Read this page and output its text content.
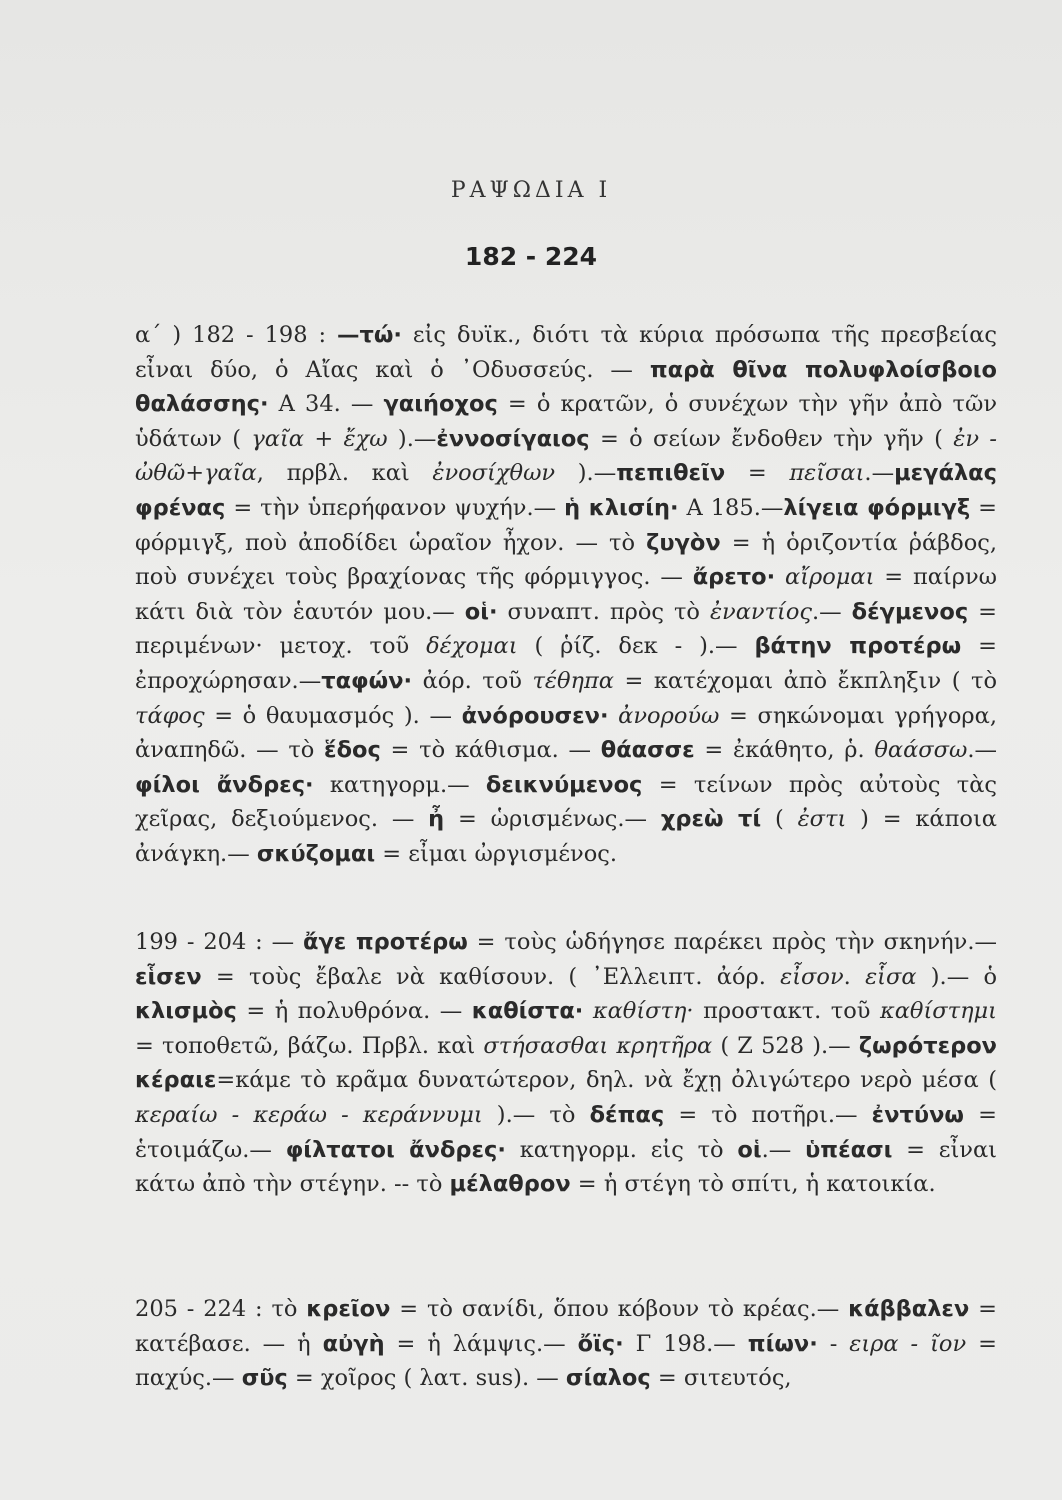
ΡΑΨΩΔΙΑ Ι
182 - 224

α΄ ) 182 - 198 : —τώ· εἰς δυϊκ., διότι τὰ κύρια πρόσωπα τῆς πρεσβείας εἶναι δύο, ὁ Αἴας καὶ ὁ ᾿Οδυσσεύς. — παρὰ θῖνα πολυφλοίσβοιο θαλάσσης· Α 34. — γαιήοχος = ὁ κρατῶν, ὁ συνέχων τὴν γῆν ἀπὸ τῶν ὑδάτων ( γαῖα + ἔχω ).—ἐννοσίγαιος = ὁ σείων ἔνδοθεν τὴν γῆν ( ἐν - ὠθῶ+γαῖα, πρβλ. καὶ ἐνοσίχθων ).—πεπιθεῖν = πεῖσαι.—μεγάλας φρένας = τὴν ὑπερήφανον ψυχήν.— ἡ κλισίη· Α 185.—λίγεια φόρμιγξ = φόρμιγξ, ποὺ ἀποδίδει ὡραῖον ἦχον. — τὸ ζυγὸν = ἡ ὁριζοντία ῥάβδος, ποὺ συνέχει τοὺς βραχίονας τῆς φόρμιγγος. — ἄρετο· αἴρομαι = παίρνω κάτι διὰ τὸν ἑαυτόν μου.— οἱ· συναπτ. πρὸς τὸ ἐναντίος.— δέγμενος = περιμένων· μετοχ. τοῦ δέχομαι ( ῥίζ. δεκ - ).— βάτην προτέρω = ἐπροχώρησαν.—ταφών· ἀόρ. τοῦ τέθηπα = κατέχομαι ἀπὸ ἔκπληξιν ( τὸ τάφος = ὁ θαυμασμός ). — ἀνόρουσεν· ἀνορούω = σηκώνομαι γρήγορα, ἀναπηδῶ. — τὸ ἕδος = τὸ κάθισμα. — θάασσε = ἐκάθητο, ῥ. θαάσσω.— φίλοι ἄνδρες· κατηγορμ.— δεικνύμενος = τείνων πρὸς αὐτοὺς τὰς χεῖρας, δεξιούμενος. — ἦ = ὡρισμένως.— χρεὼ τί ( ἐστι ) = κάποια ἀνάγκη.— σκύζομαι = εἶμαι ὠργισμένος.

199 - 204 : — ἄγε προτέρω = τοὺς ὡδήγησε παρέκει πρὸς τὴν σκηνήν.— εἷσεν = τοὺς ἔβαλε νὰ καθίσουν. ( ᾿Ελλειπτ. ἀόρ. εἶσον. εἷσα ).— ὁ κλισμὸς = ἡ πολυθρόνα. — καθίστα· καθίστη· προστακτ. τοῦ καθίστημι = τοποθετῶ, βάζω. Πρβλ. καὶ στήσασθαι κρητῆρα ( Ζ 528 ).— ζωρότερον κέραιε=κάμε τὸ κρᾶμα δυνατώτερον, δηλ. νὰ ἔχῃ ὀλιγώτερο νερὸ μέσα ( κεραίω - κεράω - κεράννυμι ).— τὸ δέπας = τὸ ποτῆρι.— ἐντύνω = ἑτοιμάζω.— φίλτατοι ἄνδρες· κατηγορμ. εἰς τὸ οἱ.— ὑπέασι = εἶναι κάτω ἀπὸ τὴν στέγην. -- τὸ μέλαθρον = ἡ στέγη τὸ σπίτι, ἡ κατοικία.

205 - 224 : τὸ κρεῖον = τὸ σανίδι, ὅπου κόβουν τὸ κρέας.— κάββαλεν = κατέβασε. — ἡ αὐγὴ = ἡ λάμψις.— ὄϊς· Γ 198.— πίων· - ειρα - ῖον = παχύς.— σῦς = χοῖρος ( λατ. sus). — σίαλος = σιτευτός,
